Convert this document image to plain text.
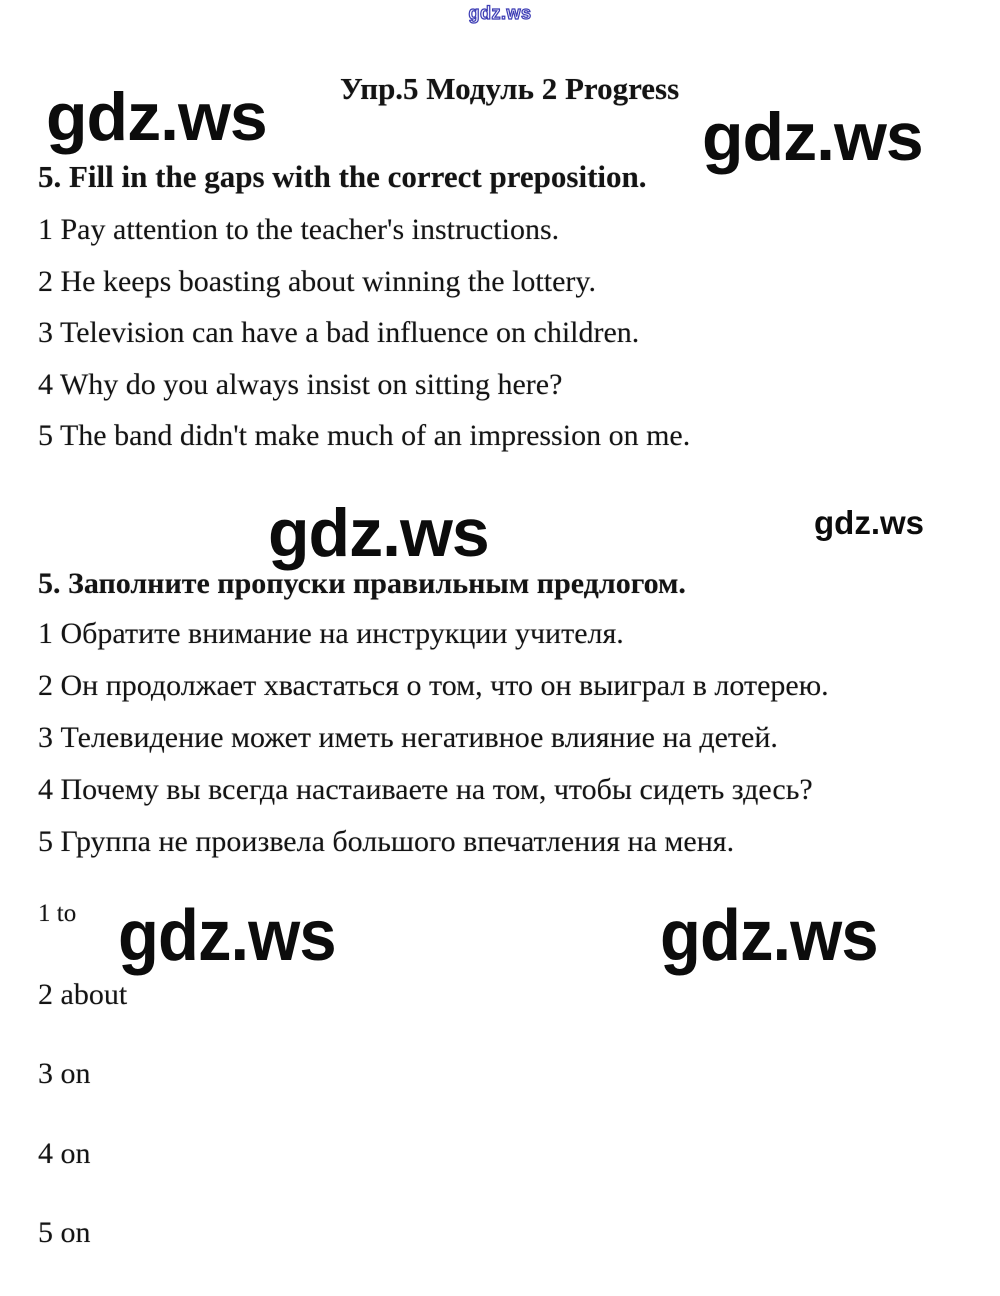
gdz.ws
Упр.5 Модуль 2 Progress
gdz.ws	gdz.ws
5. Fill in the gaps with the correct preposition.
1 Pay attention to the teacher's instructions.
2 He keeps boasting about winning the lottery.
3 Television can have a bad influence on children.
4 Why do you always insist on sitting here?
5 The band didn't make much of an impression on me.
gdz.ws	gdz.ws
5. Заполните пропуски правильным предлогом.
1 Обратите внимание на инструкции учителя.
2 Он продолжает хвастаться о том, что он выиграл в лотерею.
3 Телевидение может иметь негативное влияние на детей.
4 Почему вы всегда настаиваете на том, чтобы сидеть здесь?
5 Группа не произвела большого впечатления на меня.
1 to
2 about
3 on
4 on
5 on
gdz.ws	gdz.ws
